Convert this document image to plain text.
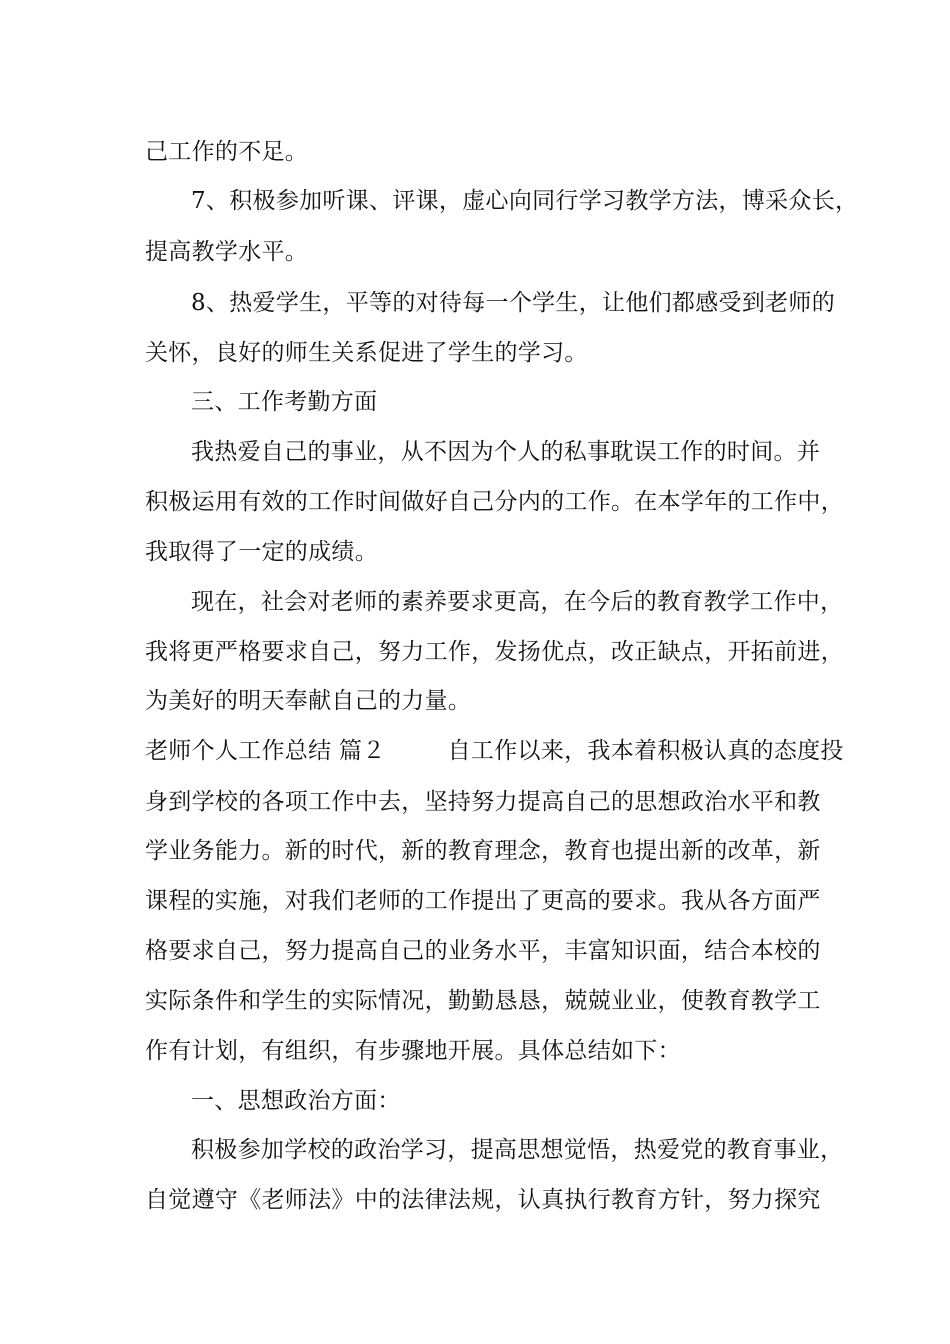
己工作的不足。
7、积极参加听课、评课，虚心向同行学习教学方法，博采众长，
提高教学水平。
8、热爱学生，平等的对待每一个学生，让他们都感受到老师的
关怀，良好的师生关系促进了学生的学习。
三、工作考勤方面
我热爱自己的事业，从不因为个人的私事耽误工作的时间。并
积极运用有效的工作时间做好自己分内的工作。在本学年的工作中，
我取得了一定的成绩。
现在，社会对老师的素养要求更高，在今后的教育教学工作中，
我将更严格要求自己，努力工作，发扬优点，改正缺点，开拓前进，
为美好的明天奉献自己的力量。
老师个人工作总结 篇２	自工作以来，我本着积极认真的态度投
身到学校的各项工作中去，坚持努力提高自己的思想政治水平和教
学业务能力。新的时代，新的教育理念，教育也提出新的改革，新
课程的实施，对我们老师的工作提出了更高的要求。我从各方面严
格要求自己，努力提高自己的业务水平，丰富知识面，结合本校的
实际条件和学生的实际情况，勤勤恳恳，兢兢业业，使教育教学工
作有计划，有组织，有步骤地开展。具体总结如下：
一、思想政治方面：
积极参加学校的政治学习，提高思想觉悟，热爱党的教育事业，
自觉遵守《老师法》中的法律法规，认真执行教育方针，努力探究
